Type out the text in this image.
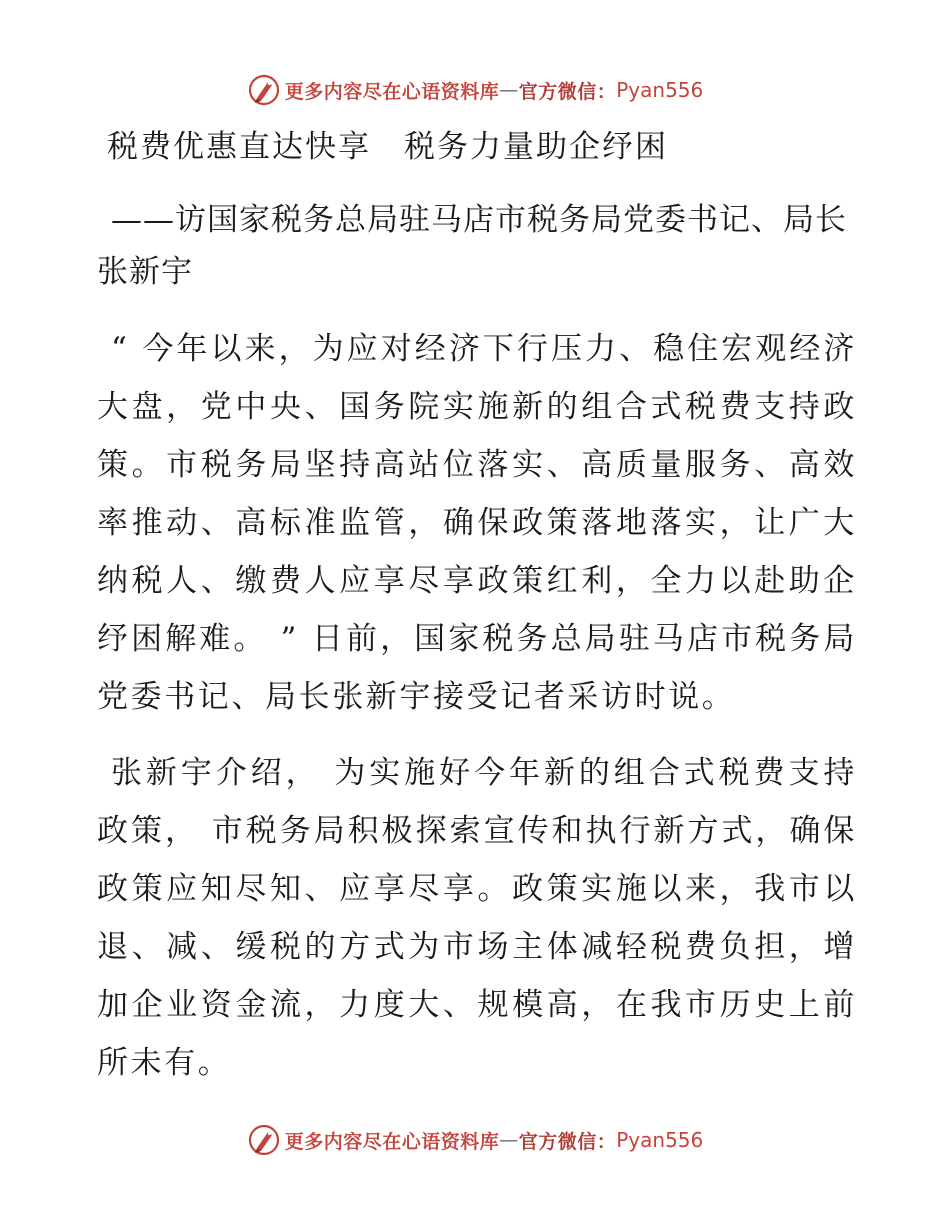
更多内容尽在心语资料库 — 官方微信： Pyan556
税费优惠直达快享　税务力量助企纾困
——访国家税务总局驻马店市税务局党委书记、局长张新宇

“ 今年以来，为应对经济下行压力、稳住宏观经济大盘，党中央、国务院实施新的组合式税费支持政策。市税务局坚持高站位落实、高质量服务、高效率推动、高标准监管，确保政策落地落实，让广大纳税人、缴费人应享尽享政策红利，全力以赴助企纾困解难。 ” 日前，国家税务总局驻马店市税务局党委书记、局长张新宇接受记者采访时说。

张新宇介绍， 为实施好今年新的组合式税费支持政策， 市税务局积极探索宣传和执行新方式，确保政策应知尽知、应享尽享。政策实施以来，我市以退、减、缓税的方式为市场主体减轻税费负担，增加企业资金流，力度大、规模高，在我市历史上前所未有。

更多内容尽在心语资料库 — 官方微信： Pyan556
